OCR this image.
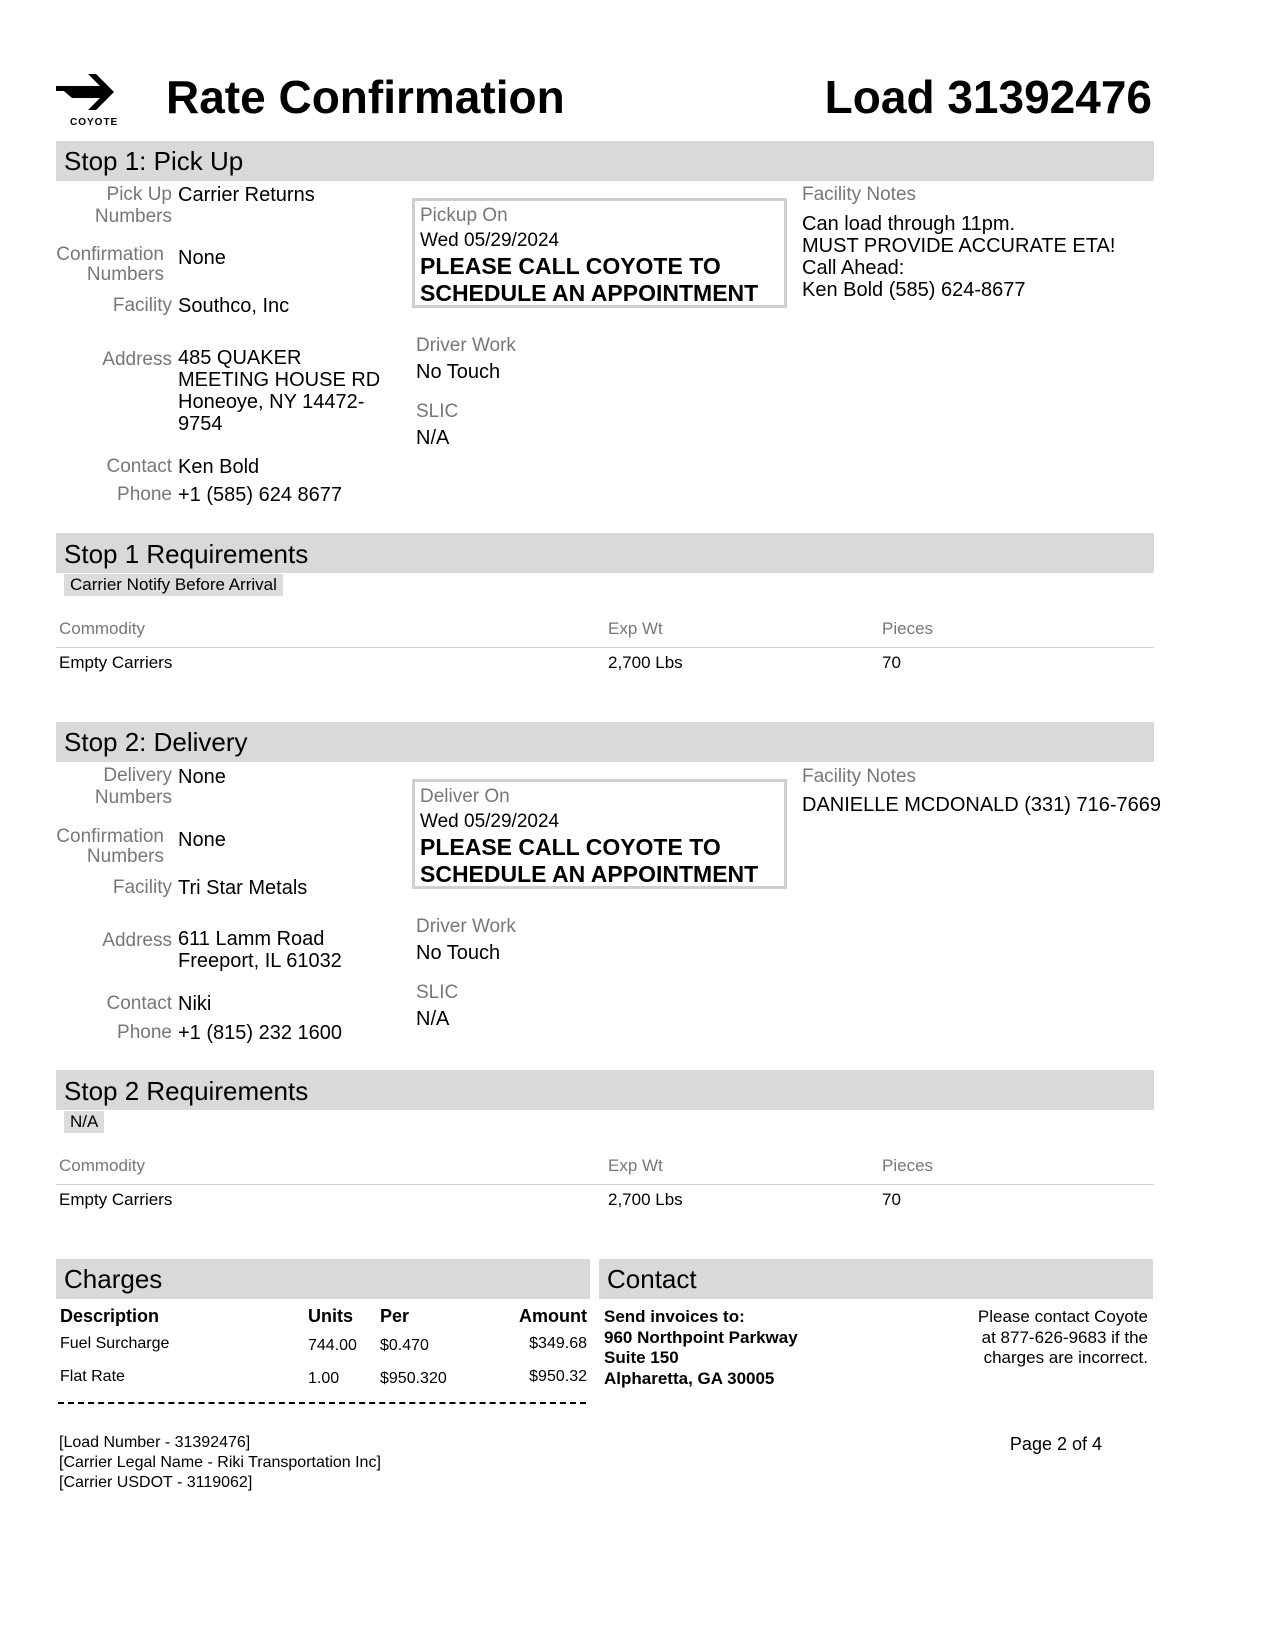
COYOTE Rate Confirmation	Load 31392476
Stop 1: Pick Up
Pick Up
Numbers
Carrier Returns
Confirmation
Numbers
None
Facility Southco, Inc
Address 485 QUAKER
MEETING HOUSE RD
Honeoye, NY 14472-
9754
Contact Ken Bold
Phone +1 (585) 624 8677
Pickup On
Wed 05/29/2024
PLEASE CALL COYOTE TO
SCHEDULE AN APPOINTMENT
Driver Work
No Touch
SLIC
N/A
Facility Notes
Can load through 11pm.
MUST PROVIDE ACCURATE ETA!
Call Ahead:
Ken Bold (585) 624-8677
Stop 1 Requirements
Carrier Notify Before Arrival
Commodity	Exp Wt	Pieces
Empty Carriers	2,700 Lbs	70
Stop 2: Delivery
Delivery
Numbers
None
Confirmation
Numbers
None
Facility Tri Star Metals
Address 611 Lamm Road
Freeport, IL 61032
Contact Niki
Phone +1 (815) 232 1600
Deliver On
Wed 05/29/2024
PLEASE CALL COYOTE TO
SCHEDULE AN APPOINTMENT
Driver Work
No Touch
SLIC
N/A
Facility Notes
DANIELLE MCDONALD (331) 716-7669
Stop 2 Requirements
N/A
Commodity	Exp Wt	Pieces
Empty Carriers	2,700 Lbs	70
Charges
Description	Units Per	Amount
Fuel Surcharge	744.00 $0.470	$349.68
Flat Rate	1.00	$950.320	$950.32
Contact
Send invoices to:
960 Northpoint Parkway
Suite 150
Alpharetta, GA 30005
Please contact Coyote
at 877-626-9683 if the
charges are incorrect.
[Load Number - 31392476]
[Carrier Legal Name - Riki Transportation Inc]
[Carrier USDOT - 3119062]
Page 2 of 4
